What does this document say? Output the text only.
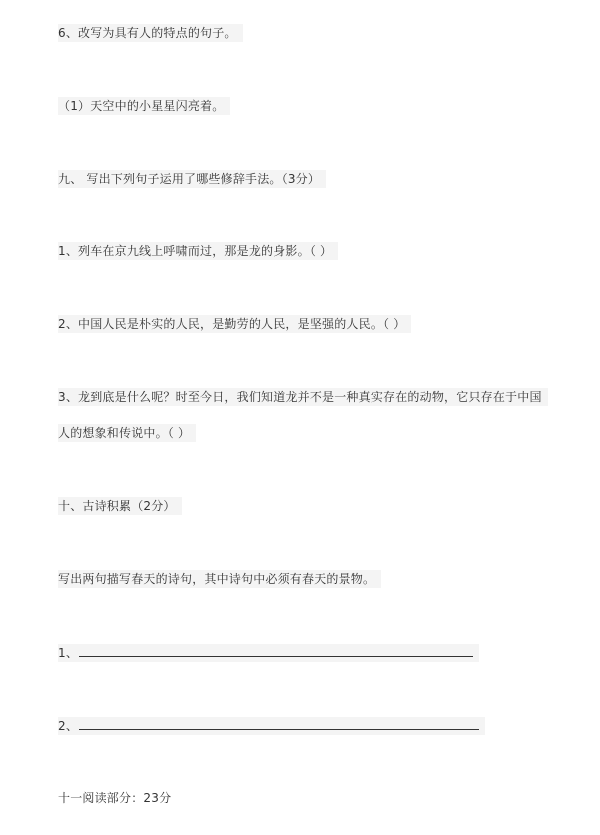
6、改写为具有人的特点的句子。
（1）天空中的小星星闪亮着。
九、 写出下列句子运用了哪些修辞手法。（3分）
1、列车在京九线上呼啸而过，那是龙的身影。（ ）
2、中国人民是朴实的人民，是勤劳的人民，是坚强的人民。（ ）
3、龙到底是什么呢？时至今日，我们知道龙并不是一种真实存在的动物，它只存在于中国
人的想象和传说中。（ ）
十、古诗积累（2分）
写出两句描写春天的诗句，其中诗句中必须有春天的景物。
1、
2、
十一阅读部分：23分
